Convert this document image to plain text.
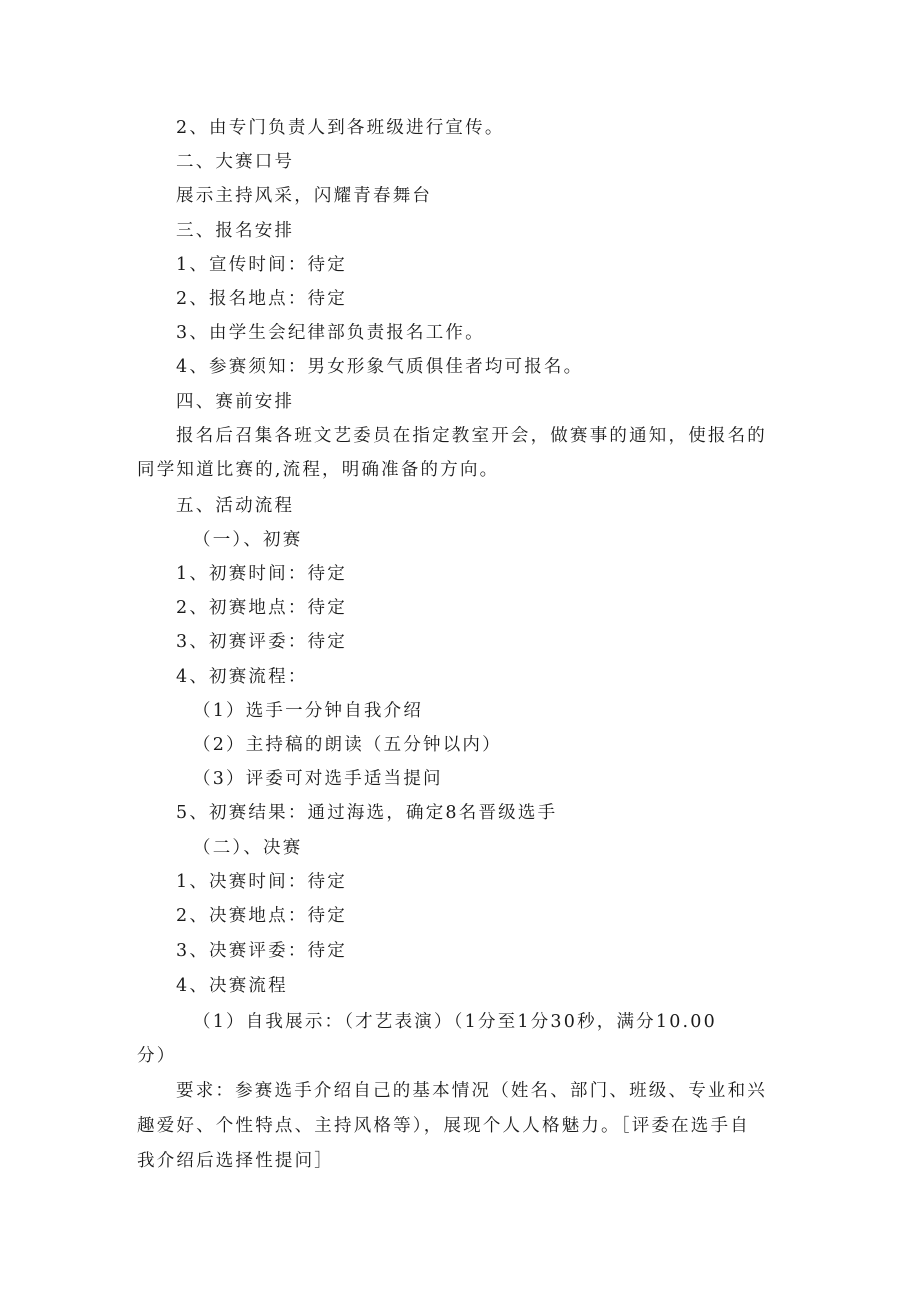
2、由专门负责人到各班级进行宣传。
二、大赛口号
展示主持风采，闪耀青春舞台
三、报名安排
1、宣传时间：待定
2、报名地点：待定
3、由学生会纪律部负责报名工作。
4、参赛须知：男女形象气质俱佳者均可报名。
四、赛前安排
报名后召集各班文艺委员在指定教室开会，做赛事的通知，使报名的
同学知道比赛的,流程，明确准备的方向。
五、活动流程
（一）、初赛
1、初赛时间：待定
2、初赛地点：待定
3、初赛评委：待定
4、初赛流程：
（1）选手一分钟自我介绍
（2）主持稿的朗读（五分钟以内）
（3）评委可对选手适当提问
5、初赛结果：通过海选，确定8名晋级选手
（二）、决赛
1、决赛时间：待定
2、决赛地点：待定
3、决赛评委：待定
4、决赛流程
（1）自我展示：（才艺表演）（1分至1分30秒，满分10.00
分）
要求：参赛选手介绍自己的基本情况（姓名、部门、班级、专业和兴
趣爱好、个性特点、主持风格等），展现个人人格魅力。［评委在选手自
我介绍后选择性提问］
